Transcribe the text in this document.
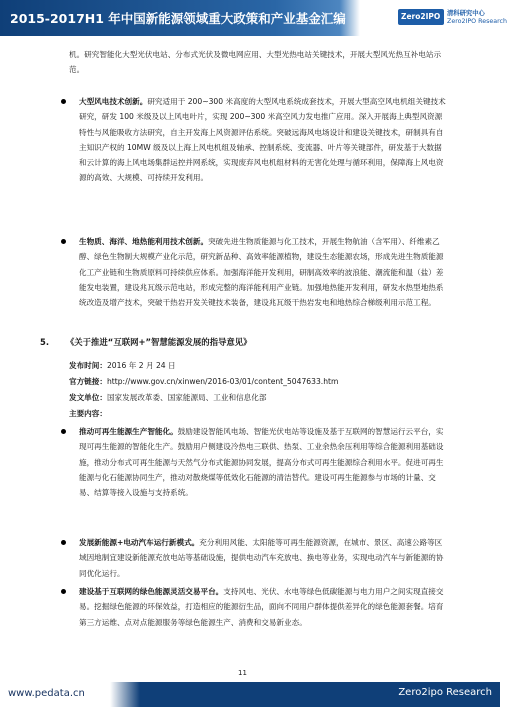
2015-2017H1 年中国新能源领域重大政策和产业基金汇编	Zero2IPO 清科研究中心
Zero2IPO Research

机。研究智能化大型光伏电站、分布式光伏及微电网应用、大型光热电站关键技术，开展大型风光热互补电站示范。

大型风电技术创新。研究适用于 200~300 米高度的大型风电系统成套技术，开展大型高空风电机组关键技术研究，研发 100 米级及以上风电叶片，实现 200~300 米高空风力发电推广应用。深入开展海上典型风资源特性与风能吸收方法研究，自主开发海上风资源评估系统。突破远海风电场设计和建设关键技术，研制具有自主知识产权的 10MW 级及以上海上风电机组及轴承、控制系统、变流器、叶片等关键部件，研发基于大数据和云计算的海上风电场集群运控并网系统，实现废弃风电机组材料的无害化处理与循环利用，保障海上风电资源的高效、大规模、可持续开发利用。
生物质、海洋、地热能利用技术创新。突破先进生物质能源与化工技术，开展生物航油（含军用）、纤维素乙醇、绿色生物制大规模产业化示范，研究新品种、高效率能源植物，建设生态能源农场，形成先进生物质能源化工产业链和生物质原料可持续供应体系。加强海洋能开发利用，研制高效率的波浪能、潮流能和温（盐）差能发电装置，建设兆瓦级示范电站，形成完整的海洋能利用产业链。加强地热能开发利用，研发水热型地热系统改造及增产技术，突破干热岩开发关键技术装备，建设兆瓦级干热岩发电和地热综合梯级利用示范工程。
5. 《关于推进“互联网+”智慧能源发展的指导意见》
发布时间：2016 年 2 月 24 日
官方链接：http://www.gov.cn/xinwen/2016-03/01/content_5047633.htm
发文单位：国家发展改革委、国家能源局、工业和信息化部
主要内容：
推动可再生能源生产智能化。鼓励建设智能风电场、智能光伏电站等设施及基于互联网的智慧运行云平台，实现可再生能源的智能化生产。鼓励用户侧建设冷热电三联供、热泵、工业余热余压利用等综合能源利用基础设施，推动分布式可再生能源与天然气分布式能源协同发展，提高分布式可再生能源综合利用水平。促进可再生能源与化石能源协同生产，推动对散烧煤等低效化石能源的清洁替代。建设可再生能源参与市场的计量、交易、结算等接入设施与支持系统。
发展新能源+电动汽车运行新模式。充分利用风能、太阳能等可再生能源资源，在城市、景区、高速公路等区域因地制宜建设新能源充放电站等基础设施，提供电动汽车充放电、换电等业务，实现电动汽车与新能源的协同优化运行。
建设基于互联网的绿色能源灵活交易平台。支持风电、光伏、水电等绿色低碳能源与电力用户之间实现直接交易。挖掘绿色能源的环保效益，打造相应的能源衍生品，面向不同用户群体提供差异化的绿色能源套餐。培育第三方运维、点对点能源服务等绿色能源生产、消费和交易新业态。
11
www.pedata.cn	Zero2ipo Research
